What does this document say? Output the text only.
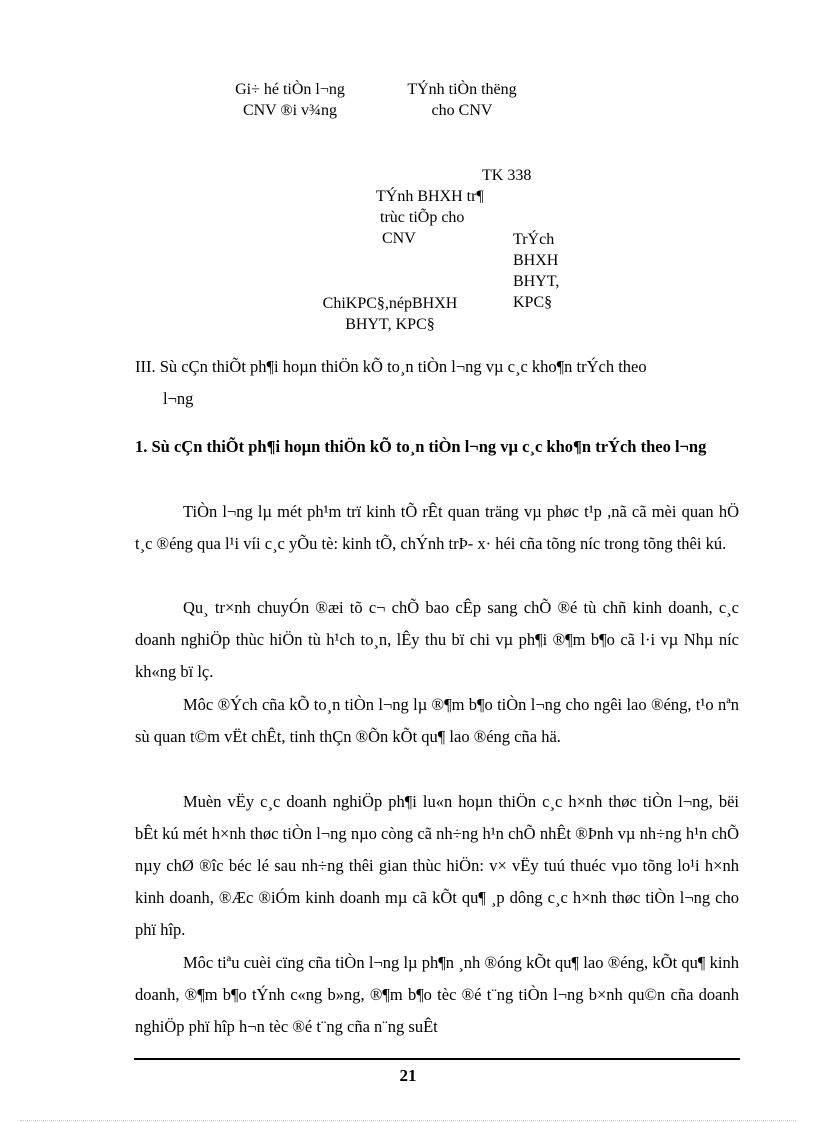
Gi÷ hé tiÒn l¬ng
CNV ®i v¾ng
TÝnh tiÒn thëng
cho CNV
TK 338
TÝnh BHXH tr¶
trùc tiÕp cho
CNV	TrÝch
BHXH
BHYT,
KPC§
ChiKPC§,népBHXH
BHYT, KPC§
III. Sù cÇn thiÕt ph¶i hoµn thiÖn kÕ to¸n tiÒn l¬ng vµ c¸c kho¶n trÝch theo
l¬ng
1. Sù cÇn thiÕt ph¶i hoµn thiÖn kÕ to¸n tiÒn l¬ng vµ c¸c kho¶n trÝch theo l¬ng
TiÒn l¬ng lµ mét ph¹m trï kinh tÕ rÊt quan träng vµ phøc t¹p ,nã cã mèi quan hÖ t¸c ®éng qua l¹i víi c¸c yÕu tè: kinh tÕ, chÝnh trÞ- x· héi cña tõng níc trong tõng thêi kú.
Qu¸ tr×nh chuyÓn ®æi tõ c¬ chÕ bao cÊp sang chÕ ®é tù chñ kinh doanh, c¸c doanh nghiÖp thùc hiÖn tù h¹ch to¸n, lÊy thu bï chi vµ ph¶i ®¶m b¶o cã l·i vµ Nhµ níc kh«ng bï lç.
Môc ®Ých cña kÕ to¸n tiÒn l¬ng lµ ®¶m b¶o tiÒn l¬ng cho ngêi lao ®éng, t¹o nªn sù quan t©m vËt chÊt, tinh thÇn ®Õn kÕt qu¶ lao ®éng cña hä.
Muèn vËy c¸c doanh nghiÖp ph¶i lu«n hoµn thiÖn c¸c h×nh thøc tiÒn l¬ng, bëi bÊt kú mét h×nh thøc tiÒn l¬ng nµo còng cã nh÷ng h¹n chÕ nhÊt ®Þnh vµ nh÷ng h¹n chÕ nµy chØ ®îc béc lé sau nh÷ng thêi gian thùc hiÖn: v× vËy tuú thuéc vµo tõng lo¹i h×nh kinh doanh, ®Æc ®iÓm kinh doanh mµ cã kÕt qu¶ ¸p dông c¸c h×nh thøc tiÒn l¬ng cho phï hîp.
Môc tiªu cuèi cïng cña tiÒn l¬ng lµ ph¶n ¸nh ®óng kÕt qu¶ lao ®éng, kÕt qu¶ kinh doanh, ®¶m b¶o tÝnh c«ng b»ng, ®¶m b¶o tèc ®é t¨ng tiÒn l¬ng b×nh qu©n cña doanh nghiÖp phï hîp h¬n tèc ®é t¨ng cña n¨ng suÊt
21
